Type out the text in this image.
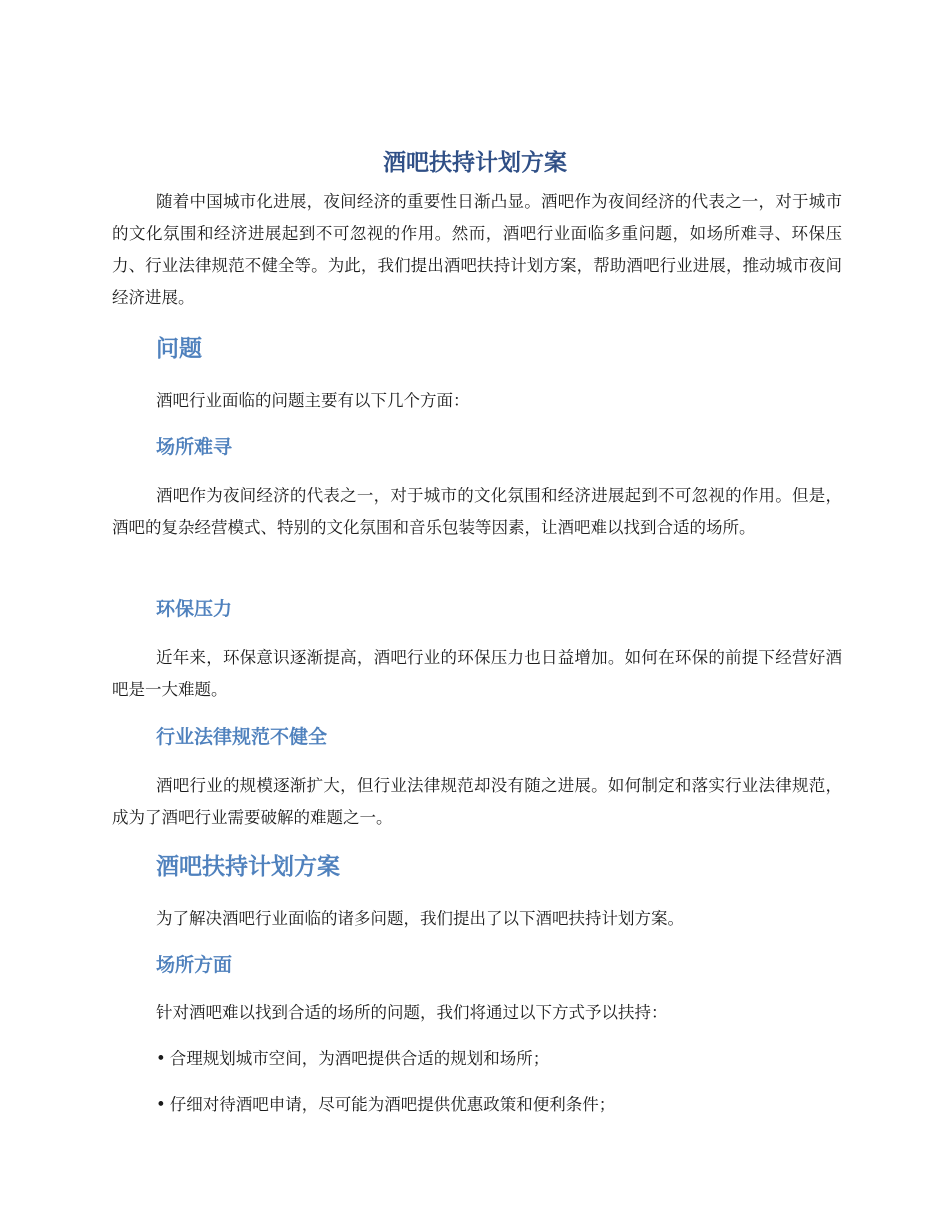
酒吧扶持计划方案

随着中国城市化进展，夜间经济的重要性日渐凸显。酒吧作为夜间经济的代表之一，对于城市的文化氛围和经济进展起到不可忽视的作用。然而，酒吧行业面临多重问题，如场所难寻、环保压力、行业法律规范不健全等。为此，我们提出酒吧扶持计划方案，帮助酒吧行业进展，推动城市夜间经济进展。

问题

酒吧行业面临的问题主要有以下几个方面：

场所难寻

酒吧作为夜间经济的代表之一，对于城市的文化氛围和经济进展起到不可忽视的作用。但是，酒吧的复杂经营模式、特别的文化氛围和音乐包装等因素，让酒吧难以找到合适的场所。

环保压力

近年来，环保意识逐渐提高，酒吧行业的环保压力也日益增加。如何在环保的前提下经营好酒吧是一大难题。

行业法律规范不健全

酒吧行业的规模逐渐扩大，但行业法律规范却没有随之进展。如何制定和落实行业法律规范，成为了酒吧行业需要破解的难题之一。

酒吧扶持计划方案

为了解决酒吧行业面临的诸多问题，我们提出了以下酒吧扶持计划方案。

场所方面

针对酒吧难以找到合适的场所的问题，我们将通过以下方式予以扶持：

• 合理规划城市空间，为酒吧提供合适的规划和场所；

• 仔细对待酒吧申请，尽可能为酒吧提供优惠政策和便利条件；
